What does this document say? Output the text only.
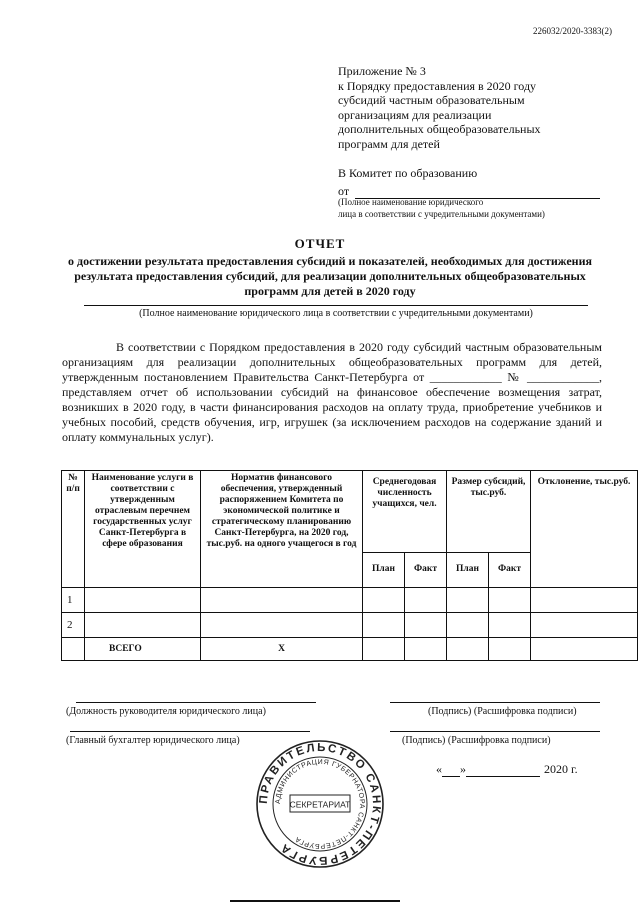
226032/2020-3383(2)
Приложение № 3
к Порядку предоставления в 2020 году
субсидий частным образовательным
организациям для реализации
дополнительных общеобразовательных
программ для детей
В Комитет по образованию
от
(Полное наименование юридического
лица в соответствии с учредительными документами)
ОТЧЕТ
о достижении результата предоставления субсидий и показателей, необходимых для достижения результата предоставления субсидий, для реализации дополнительных общеобразовательных программ для детей в 2020 году
(Полное наименование юридического лица в соответствии с учредительными документами)

В соответствии с Порядком предоставления в 2020 году субсидий частным образовательным организациям для реализации дополнительных общеобразовательных программ для детей, утвержденным постановлением Правительства Санкт-Петербурга от ____________ № ____________, представляем отчет об использовании субсидий на финансовое обеспечение возмещения затрат, возникших в 2020 году, в части финансирования расходов на оплату труда, приобретение учебников и учебных пособий, средств обучения, игр, игрушек (за исключением расходов на содержание зданий и оплату коммунальных услуг).

№ п/п	Наименование услуги в соответствии с утвержденным отраслевым перечнем государственных услуг Санкт-Петербурга в сфере образования	Норматив финансового обеспечения, утвержденный распоряжением Комитета по экономической политике и стратегическому планированию Санкт-Петербурга, на 2020 год, тыс.руб. на одного учащегося в год	Среднегодовая численность учащихся, чел.		Размер субсидий, тыс.руб.		Отклонение, тыс.руб.
			План	Факт	План	Факт	
1							
2							
	ВСЕГО	Х					
(Должность руководителя юридического лица)	(Подпись) (Расшифровка подписи)
(Главный бухгалтер юридического лица)	(Подпись) (Расшифровка подписи)
« »	2020 г.
ПРАВИТЕЛЬСТВО САНКТ-ПЕТЕРБУРГА
АДМИНИСТРАЦИЯ ГУБЕРНАТОРА САНКТ-ПЕТЕРБУРГА
СЕКРЕТАРИАТ
